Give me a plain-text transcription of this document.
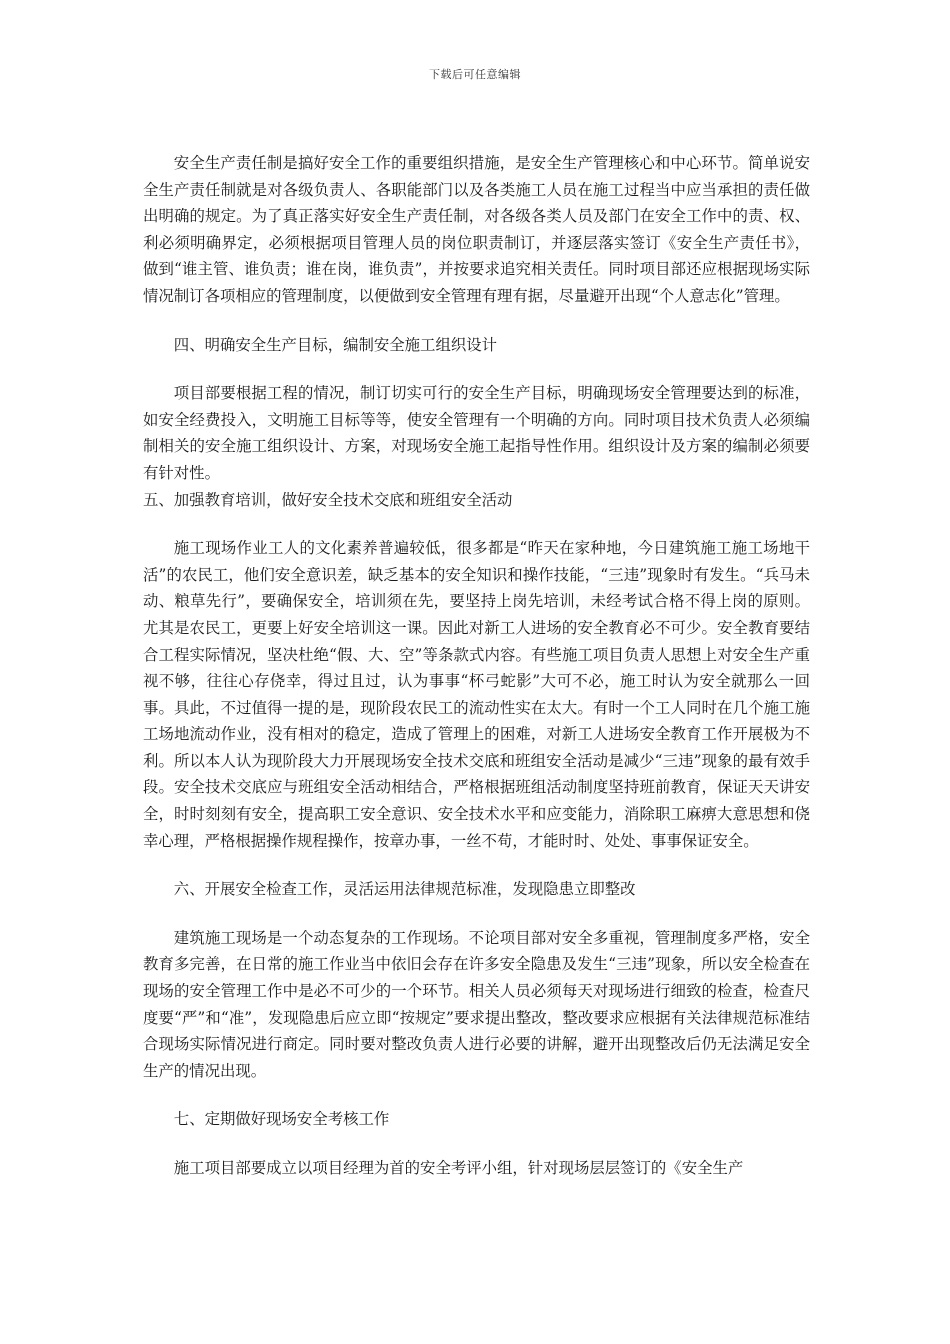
下载后可任意编辑

安全生产责任制是搞好安全工作的重要组织措施，是安全生产管理核心和中心环节。简单说安全生产责任制就是对各级负责人、各职能部门以及各类施工人员在施工过程当中应当承担的责任做出明确的规定。为了真正落实好安全生产责任制，对各级各类人员及部门在安全工作中的责、权、利必须明确界定，必须根据项目管理人员的岗位职责制订，并逐层落实签订《安全生产责任书》，做到“谁主管、谁负责；谁在岗，谁负责”，并按要求追究相关责任。同时项目部还应根据现场实际情况制订各项相应的管理制度，以便做到安全管理有理有据，尽量避开出现“个人意志化”管理。

四、明确安全生产目标，编制安全施工组织设计

项目部要根据工程的情况，制订切实可行的安全生产目标，明确现场安全管理要达到的标准，如安全经费投入，文明施工目标等等，使安全管理有一个明确的方向。同时项目技术负责人必须编制相关的安全施工组织设计、方案，对现场安全施工起指导性作用。组织设计及方案的编制必须要有针对性。

五、加强教育培训，做好安全技术交底和班组安全活动

施工现场作业工人的文化素养普遍较低，很多都是“昨天在家种地，今日建筑施工施工场地干活”的农民工，他们安全意识差，缺乏基本的安全知识和操作技能，“三违”现象时有发生。“兵马未动、粮草先行”，要确保安全，培训须在先，要坚持上岗先培训，未经考试合格不得上岗的原则。尤其是农民工，更要上好安全培训这一课。因此对新工人进场的安全教育必不可少。安全教育要结合工程实际情况，坚决杜绝“假、大、空”等条款式内容。有些施工项目负责人思想上对安全生产重视不够，往往心存侥幸，得过且过，认为事事“杯弓蛇影”大可不必，施工时认为安全就那么一回事。具此，不过值得一提的是，现阶段农民工的流动性实在太大。有时一个工人同时在几个施工施工场地流动作业，没有相对的稳定，造成了管理上的困难，对新工人进场安全教育工作开展极为不利。所以本人认为现阶段大力开展现场安全技术交底和班组安全活动是减少“三违”现象的最有效手段。安全技术交底应与班组安全活动相结合，严格根据班组活动制度坚持班前教育，保证天天讲安全，时时刻刻有安全，提高职工安全意识、安全技术水平和应变能力，消除职工麻痹大意思想和侥幸心理，严格根据操作规程操作，按章办事，一丝不苟，才能时时、处处、事事保证安全。

六、开展安全检查工作，灵活运用法律规范标准，发现隐患立即整改

建筑施工现场是一个动态复杂的工作现场。不论项目部对安全多重视，管理制度多严格，安全教育多完善，在日常的施工作业当中依旧会存在许多安全隐患及发生“三违”现象，所以安全检查在现场的安全管理工作中是必不可少的一个环节。相关人员必须每天对现场进行细致的检查，检查尺度要“严”和“准”，发现隐患后应立即“按规定”要求提出整改，整改要求应根据有关法律规范标准结合现场实际情况进行商定。同时要对整改负责人进行必要的讲解，避开出现整改后仍无法满足安全生产的情况出现。

七、定期做好现场安全考核工作

施工项目部要成立以项目经理为首的安全考评小组，针对现场层层签订的《安全生产
